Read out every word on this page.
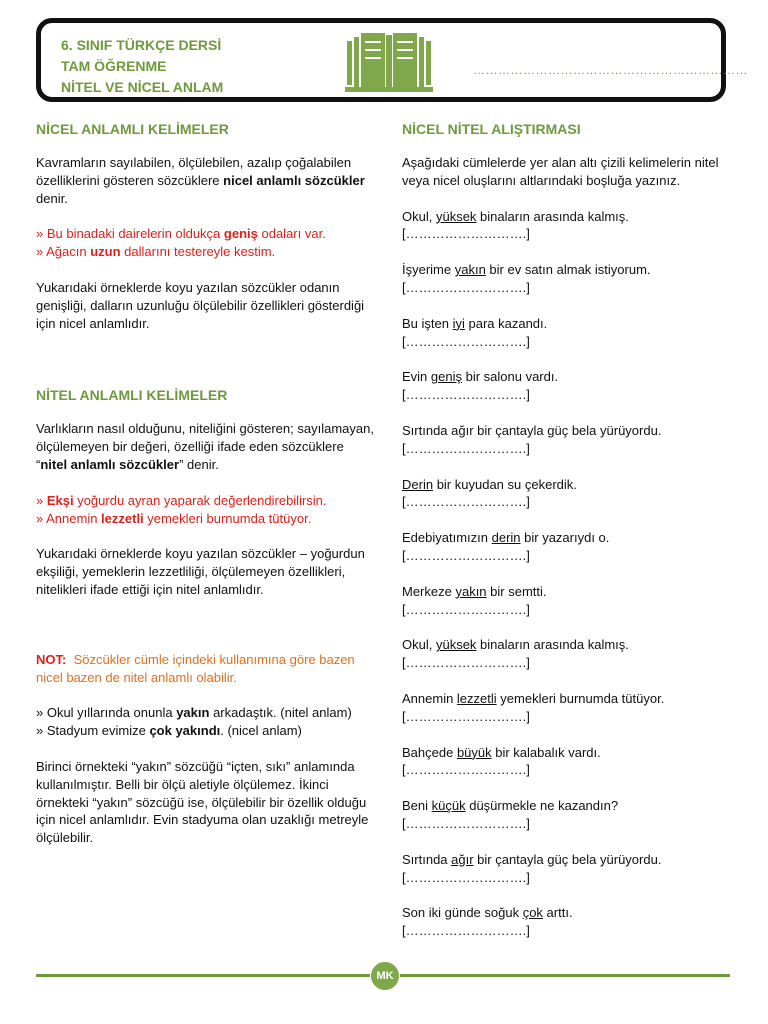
6. SINIF TÜRKÇE DERSİ
TAM ÖĞRENME
NİTEL VE NİCEL ANLAM
…………………………………………………………
NİCEL ANLAMLI KELİMELER

Kavramların sayılabilen, ölçülebilen, azalıp çoğalabilen özelliklerini gösteren sözcüklere nicel anlamlı sözcükler denir.

» Bu binadaki dairelerin oldukça geniş odaları var.

» Ağacın uzun dallarını testereyle kestim.

Yukarıdaki örneklerde koyu yazılan sözcükler odanın genişliği, dalların uzunluğu ölçülebilir özellikleri gösterdiği için nicel anlamlıdır.

NİTEL ANLAMLI KELİMELER

Varlıkların nasıl olduğunu, niteliğini gösteren; sayılamayan, ölçülemeyen bir değeri, özelliği ifade eden sözcüklere “nitel anlamlı sözcükler” denir.

» Ekşi yoğurdu ayran yaparak değerlendirebilirsin.

» Annemin lezzetli yemekleri burnumda tütüyor.

Yukarıdaki örneklerde koyu yazılan sözcükler – yoğurdun ekşiliği, yemeklerin lezzetliliği, ölçülemeyen özellikleri, nitelikleri ifade ettiği için nitel anlamlıdır.

NOT: Sözcükler cümle içindeki kullanımına göre bazen nicel bazen de nitel anlamlı olabilir.

» Okul yıllarında onunla yakın arkadaştık. (nitel anlam)

» Stadyum evimize çok yakındı. (nicel anlam)

Birinci örnekteki “yakın” sözcüğü “içten, sıkı” anlamında kullanılmıştır. Belli bir ölçü aletiyle ölçülemez. İkinci örnekteki “yakın” sözcüğü ise, ölçülebilir bir özellik olduğu için nicel anlamlıdır. Evin stadyuma olan uzaklığı metreyle ölçülebilir.

NİCEL NİTEL ALIŞTIRMASI

Aşağıdaki cümlelerde yer alan altı çizili kelimelerin nitel veya nicel oluşlarını altlarındaki boşluğa yazınız.

Okul, yüksek binaların arasında kalmış.

[……………………….]

İşyerime yakın bir ev satın almak istiyorum.

[……………………….]

Bu işten iyi para kazandı.

[……………………….]

Evin geniş bir salonu vardı.

[……………………….]

Sırtında ağır bir çantayla güç bela yürüyordu.

[……………………….]

Derin bir kuyudan su çekerdik.

[……………………….]

Edebiyatımızın derin bir yazarıydı o.

[……………………….]

Merkeze yakın bir semtti.

[……………………….]

Okul, yüksek binaların arasında kalmış.

[……………………….]

Annemin lezzetli yemekleri burnumda tütüyor.

[……………………….]

Bahçede büyük bir kalabalık vardı.

[……………………….]

Beni küçük düşürmekle ne kazandın?

[……………………….]

Sırtında ağır bir çantayla güç bela yürüyordu.

[……………………….]

Son iki günde soğuk çok arttı.

[……………………….]

MK
